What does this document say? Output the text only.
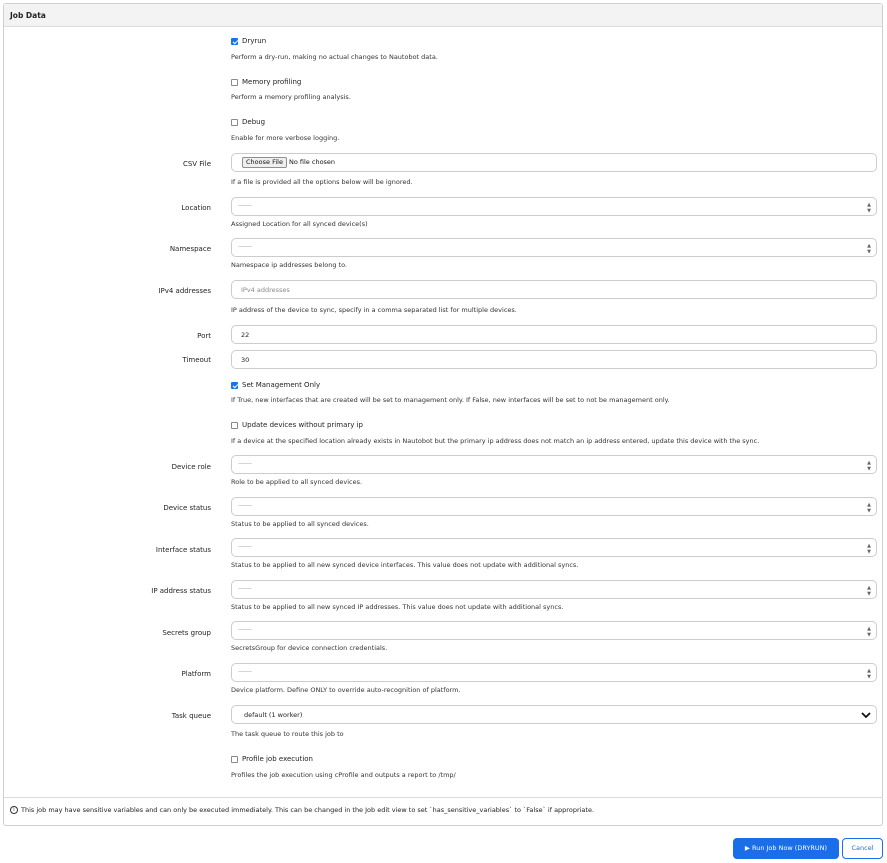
Job Data
Dryrun
Perform a dry-run, making no actual changes to Nautobot data.
Memory profiling
Perform a memory profiling analysis.
Debug
Enable for more verbose logging.
CSV File	Choose File No file chosen
If a file is provided all the options below will be ignored.
Location	---------	▲
▼
Assigned Location for all synced device(s)
Namespace	---------	▲
▼
Namespace ip addresses belong to.
IPv4 addresses	IPv4 addresses
IP address of the device to sync, specify in a comma separated list for multiple devices.
Port	22
Timeout	30
Set Management Only
If True, new interfaces that are created will be set to management only. If False, new interfaces will be set to not be management only.
Update devices without primary ip
If a device at the specified location already exists in Nautobot but the primary ip address does not match an ip address entered, update this device with the sync.
Device role	---------	▲
▼
Role to be applied to all synced devices.
Device status	---------	▲
▼
Status to be applied to all synced devices.
Interface status	---------	▲
▼
Status to be applied to all new synced device interfaces. This value does not update with additional syncs.
IP address status	---------	▲
▼
Status to be applied to all new synced IP addresses. This value does not update with additional syncs.
Secrets group	---------	▲
▼
SecretsGroup for device connection credentials.
Platform	---------	▲
▼
Device platform. Define ONLY to override auto-recognition of platform.
Task queue	default (1 worker)
The task queue to route this job to
Profile job execution
Profiles the job execution using cProfile and outputs a report to /tmp/
i This job may have sensitive variables and can only be executed immediately. This can be changed in the Job edit view to set `has_sensitive_variables` to `False` if appropriate.
▶ Run Job Now (DRYRUN)	Cancel
